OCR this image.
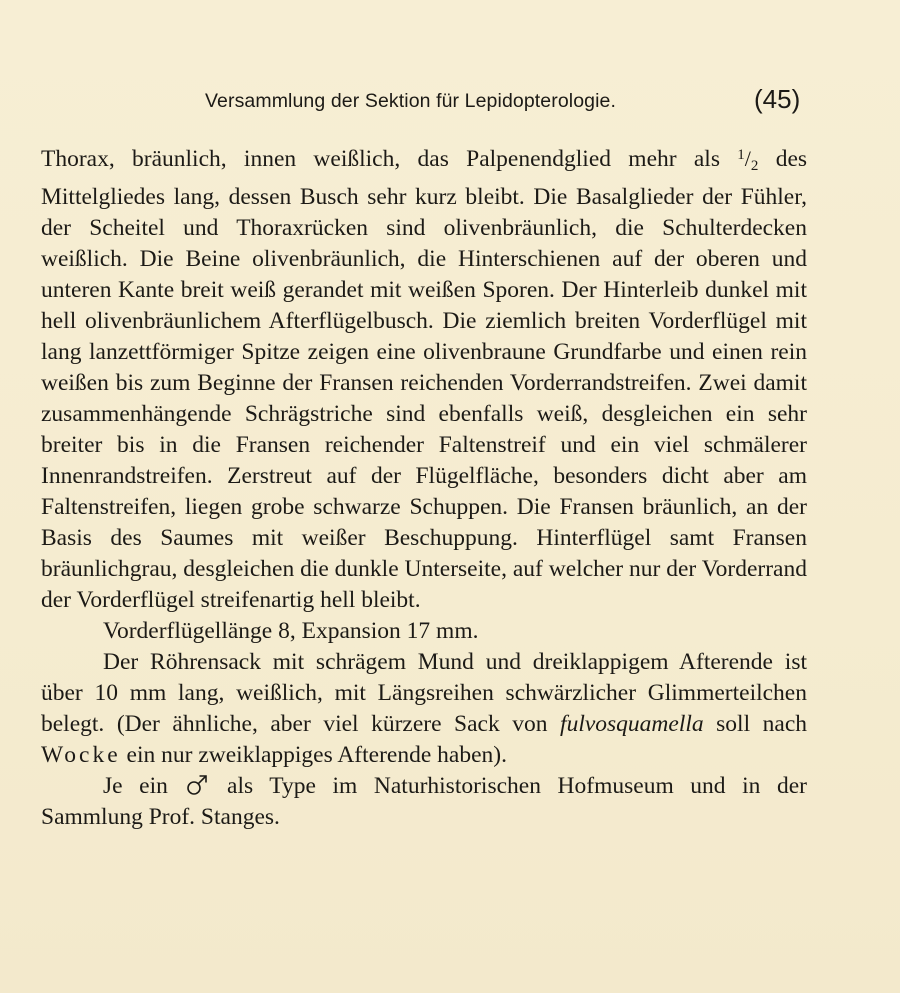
Versammlung der Sektion für Lepidopterologie.	(45)

Thorax, bräunlich, innen weißlich, das Palpenendglied mehr als $^1$/2 des Mittelgliedes lang, dessen Busch sehr kurz bleibt. Die Basalglieder der Fühler, der Scheitel und Thoraxrücken sind olivenbräunlich, die Schulterdecken weißlich. Die Beine olivenbräunlich, die Hinterschienen auf der oberen und unteren Kante breit weiß gerandet mit weißen Sporen. Der Hinterleib dunkel mit hell olivenbräunlichem Afterflügelbusch. Die ziemlich breiten Vorderflügel mit lang lanzettförmiger Spitze zeigen eine olivenbraune Grundfarbe und einen rein weißen bis zum Beginne der Fransen reichenden Vorderrandstreifen. Zwei damit zusammenhängende Schrägstriche sind ebenfalls weiß, desgleichen ein sehr breiter bis in die Fransen reichender Faltenstreif und ein viel schmälerer Innenrandstreifen. Zerstreut auf der Flügelfläche, besonders dicht aber am Faltenstreifen, liegen grobe schwarze Schuppen. Die Fransen bräunlich, an der Basis des Saumes mit weißer Beschuppung. Hinterflügel samt Fransen bräunlichgrau, desgleichen die dunkle Unterseite, auf welcher nur der Vorderrand der Vorderflügel streifenartig hell bleibt.

Vorderflügellänge 8, Expansion 17 mm.

Der Röhrensack mit schrägem Mund und dreiklappigem Afterende ist über 10 mm lang, weißlich, mit Längsreihen schwärzlicher Glimmerteilchen belegt. (Der ähnliche, aber viel kürzere Sack von fulvosquamella soll nach Wocke ein nur zweiklappiges Afterende haben).

Je ein  als Type im Naturhistorischen Hofmuseum und in der Sammlung Prof. Stanges.
